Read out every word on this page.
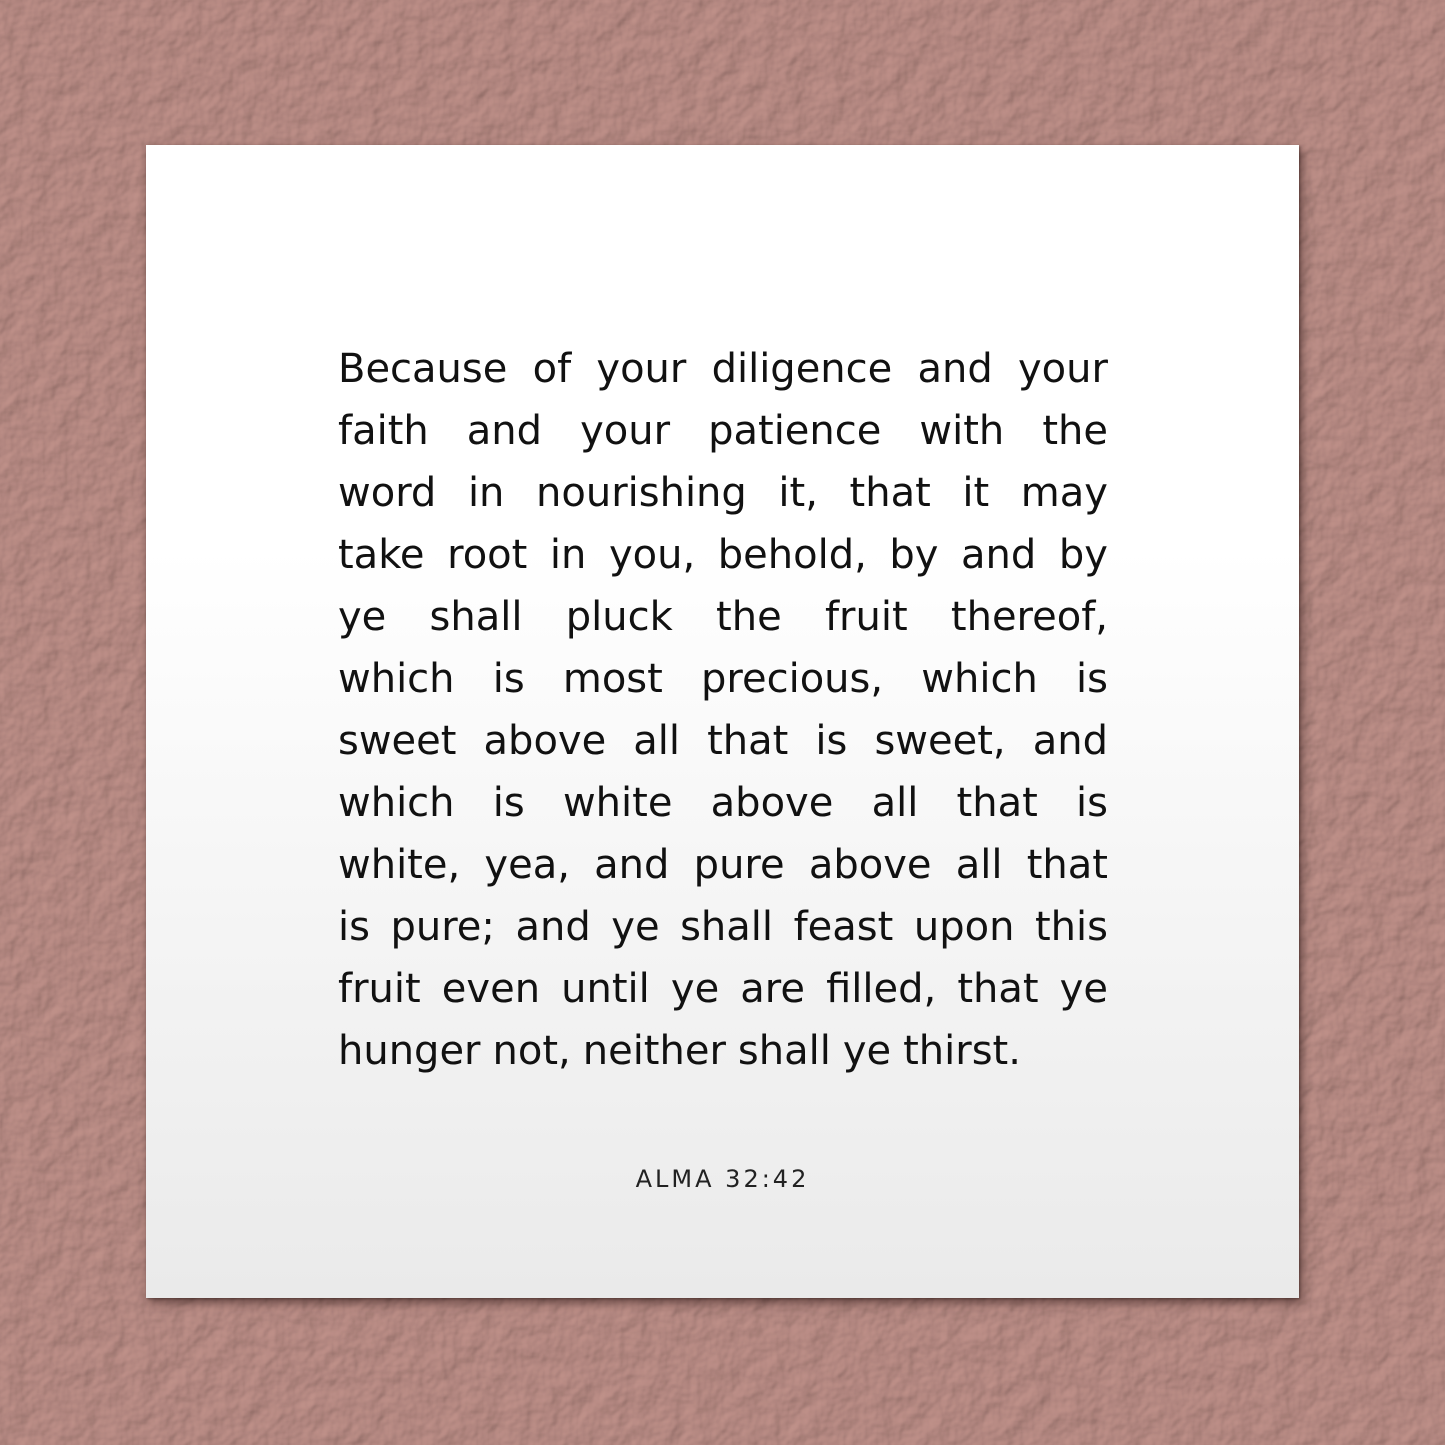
Because of your diligence and your
faith and your patience with the
word in nourishing it, that it may
take root in you, behold, by and by
ye shall pluck the fruit thereof,
which is most precious, which is
sweet above all that is sweet, and
which is white above all that is
white, yea, and pure above all that
is pure; and ye shall feast upon this
fruit even until ye are filled, that ye
hunger not, neither shall ye thirst.
ALMA 32:42
